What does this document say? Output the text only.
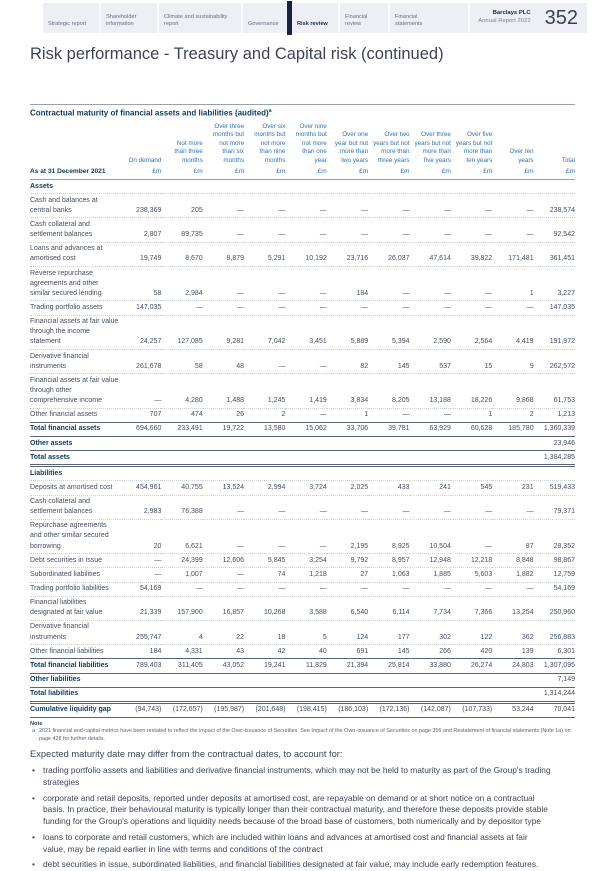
Strategic report
Shareholder information
Climate and sustainability report	Governance	Risk review
Financial review
Financial statements
Barclays PLC
Annual Report 2022 352
Risk performance - Treasury and Capital risk (continued)
Contractual maturity of financial assets and liabilities (audited)$^a$
	On demand	Not more than three months	Over three months but not more than six months	Over six months but not more than nine months	Over nine months but not more than one year	Over one year but not more than two years	Over two years but not more than three years	Over three years but not more than five years	Over five years but not more than ten years	Over ten years	Total
As at 31 December 2021	£m	£m	£m	£m	£m	£m	£m	£m	£m	£m	£m
Assets											
Cash and balances at central banks	238,369	205	—	—	—	—	—	—	—	—	238,574
Cash collateral and settlement balances	2,807	89,735	—	—	—	—	—	—	—	—	92,542
Loans and advances at amortised cost	19,749	8,670	8,879	5,291	10,192	23,716	26,037	47,614	39,822	171,481	361,451
Reverse repurchase agreements and other similar secured lending	58	2,984	—	—	—	184	—	—	—	1	3,227
Trading portfolio assets	147,035	—	—	—	—	—	—	—	—	—	147,035
Financial assets at fair value through the income statement	24,257	127,085	9,281	7,042	3,451	5,889	5,394	2,590	2,564	4,419	191,972
Derivative financial instruments	261,678	58	48	—	—	82	145	537	15	9	262,572
Financial assets at fair value through other comprehensive income	—	4,280	1,488	1,245	1,419	3,834	8,205	13,188	18,226	9,868	61,753
Other financial assets	707	474	26	2	—	1	—	—	1	2	1,213
Total financial assets	694,660	233,491	19,722	13,580	15,062	33,706	39,781	63,929	60,628	185,780	1,360,339
Other assets											23,946
Total assets											1,384,285
Liabilities											
Deposits at amortised cost	454,961	40,755	13,524	2,994	3,724	2,025	433	241	545	231	519,433
Cash collateral and settlement balances	2,983	76,388	—	—	—	—	—	—	—	—	79,371
Repurchase agreements and other similar secured borrowing	20	6,621	—	—	—	2,195	8,925	10,504	—	87	28,352
Debt securities in issue	—	24,399	12,606	5,845	3,254	9,792	8,957	12,948	12,218	8,848	98,867
Subordinated liabilities	—	1,007	—	74	1,218	27	1,063	1,885	5,603	1,882	12,759
Trading portfolio liabilities	54,169	—	—	—	—	—	—	—	—	—	54,169
Financial liabilities designated at fair value	21,339	157,900	16,857	10,268	3,588	6,540	6,114	7,734	7,366	13,254	250,960
Derivative financial instruments	255,747	4	22	18	5	124	177	302	122	362	256,883
Other financial liabilities	184	4,331	43	42	40	691	145	266	420	139	6,301
Total financial liabilities	789,403	311,405	43,052	19,241	11,829	21,394	25,814	33,880	26,274	24,803	1,307,095
Other liabilities											7,149
Total liabilities											1,314,244
Cumulative liquidity gap	(94,743)	(172,657)	(195,987)	(201,648)	(198,415)	(186,103)	(172,136)	(142,087)	(107,733)	53,244	70,041
Note
a 2021 financial and capital metrics have been restated to reflect the impact of the Over-issuance of Securities. See Impact of the Over-issuance of Securities on page 356 and Restatement of financial statements (Note 1a) on page 428 for further details.

Expected maturity date may differ from the contractual dates, to account for:

• trading portfolio assets and liabilities and derivative financial instruments, which may not be held to maturity as part of the Group's trading strategies
• corporate and retail deposits, reported under deposits at amortised cost, are repayable on demand or at short notice on a contractual basis. In practice, their behavioural maturity is typically longer than their contractual maturity, and therefore these deposits provide stable funding for the Group's operations and liquidity needs because of the broad base of customers, both numerically and by depositor type
• loans to corporate and retail customers, which are included within loans and advances at amortised cost and financial assets at fair value, may be repaid earlier in line with terms and conditions of the contract
• debt securities in issue, subordinated liabilities, and financial liabilities designated at fair value, may include early redemption features.
